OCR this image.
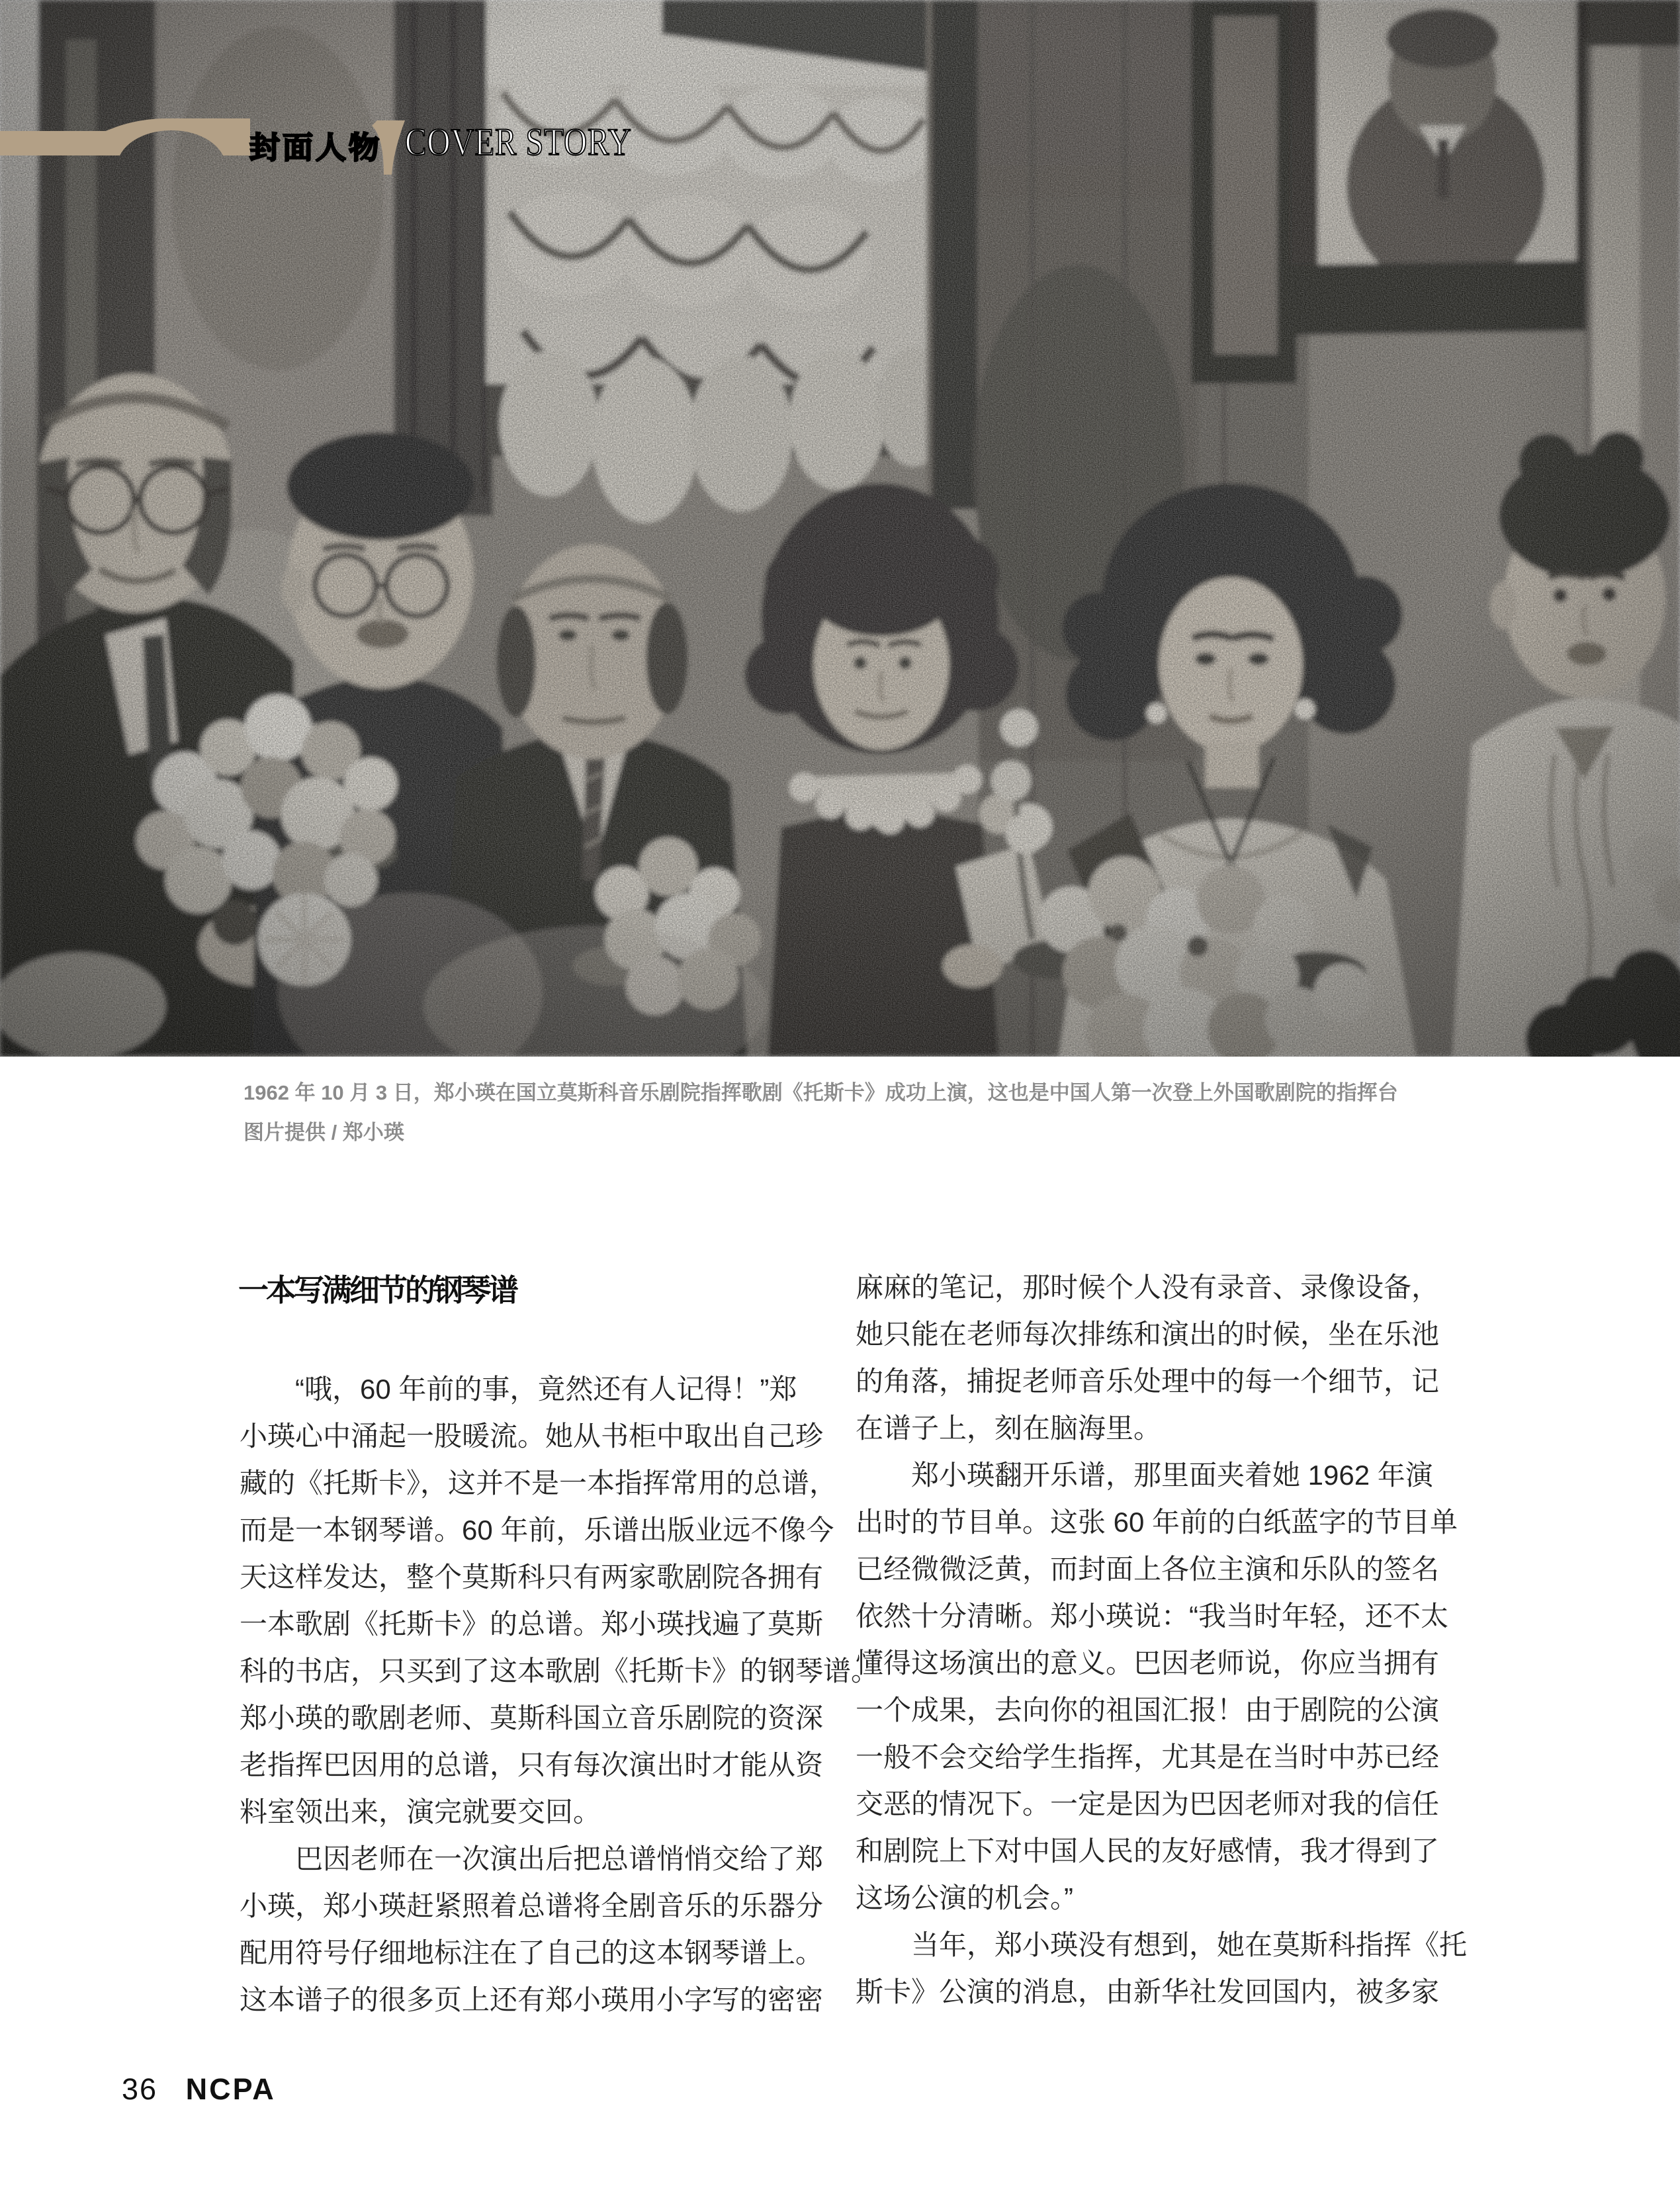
封面人物 COVER STORY
1962 年 10 月 3 日，郑小瑛在国立莫斯科音乐剧院指挥歌剧《托斯卡》成功上演，这也是中国人第一次登上外国歌剧院的指挥台
图片提供 / 郑小瑛
一本写满细节的钢琴谱
　　“哦，60 年前的事，竟然还有人记得！”郑
小瑛心中涌起一股暖流。她从书柜中取出自己珍
藏的《托斯卡》，这并不是一本指挥常用的总谱，
而是一本钢琴谱。60 年前，乐谱出版业远不像今
天这样发达，整个莫斯科只有两家歌剧院各拥有
一本歌剧《托斯卡》的总谱。郑小瑛找遍了莫斯
科的书店，只买到了这本歌剧《托斯卡》的钢琴谱。
郑小瑛的歌剧老师、莫斯科国立音乐剧院的资深
老指挥巴因用的总谱，只有每次演出时才能从资
料室领出来，演完就要交回。
　　巴因老师在一次演出后把总谱悄悄交给了郑
小瑛，郑小瑛赶紧照着总谱将全剧音乐的乐器分
配用符号仔细地标注在了自己的这本钢琴谱上。
这本谱子的很多页上还有郑小瑛用小字写的密密
麻麻的笔记，那时候个人没有录音、录像设备，
她只能在老师每次排练和演出的时候，坐在乐池
的角落，捕捉老师音乐处理中的每一个细节，记
在谱子上，刻在脑海里。
　　郑小瑛翻开乐谱，那里面夹着她 1962 年演
出时的节目单。这张 60 年前的白纸蓝字的节目单
已经微微泛黄，而封面上各位主演和乐队的签名
依然十分清晰。郑小瑛说：“我当时年轻，还不太
懂得这场演出的意义。巴因老师说，你应当拥有
一个成果，去向你的祖国汇报！由于剧院的公演
一般不会交给学生指挥，尤其是在当时中苏已经
交恶的情况下。一定是因为巴因老师对我的信任
和剧院上下对中国人民的友好感情，我才得到了
这场公演的机会。”
　　当年，郑小瑛没有想到，她在莫斯科指挥《托
斯卡》公演的消息，由新华社发回国内，被多家
36 NCPA
